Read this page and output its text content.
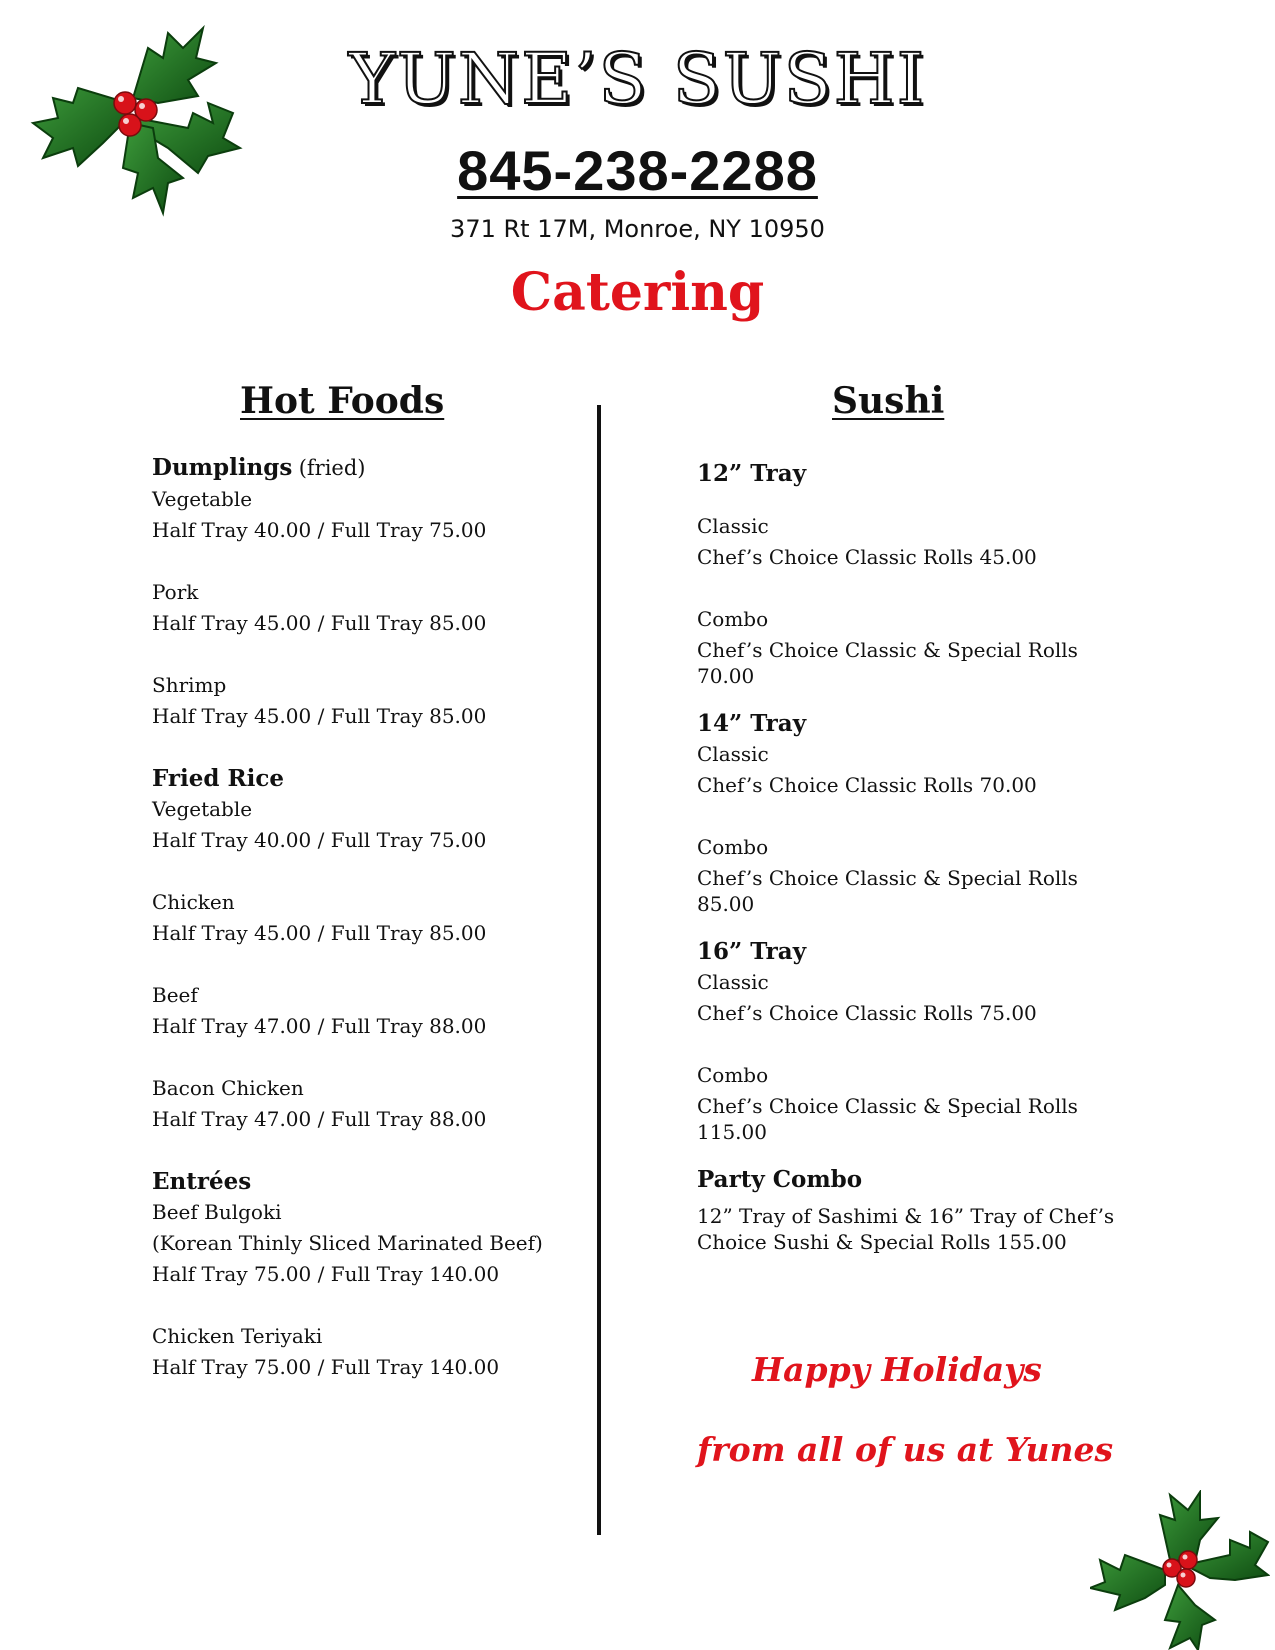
YUNE’S SUSHI
845-238-2288
371 Rt 17M, Monroe, NY 10950
Catering
Hot Foods	Sushi
Dumplings (fried)
Vegetable
Half Tray 40.00 / Full Tray 75.00
Pork
Half Tray 45.00 / Full Tray 85.00
Shrimp
Half Tray 45.00 / Full Tray 85.00
Fried Rice
Vegetable
Half Tray 40.00 / Full Tray 75.00
Chicken
Half Tray 45.00 / Full Tray 85.00
Beef
Half Tray 47.00 / Full Tray 88.00
Bacon Chicken
Half Tray 47.00 / Full Tray 88.00
Entrées
Beef Bulgoki
(Korean Thinly Sliced Marinated Beef)
Half Tray 75.00 / Full Tray 140.00
Chicken Teriyaki
Half Tray 75.00 / Full Tray 140.00
12” Tray
Classic
Chef’s Choice Classic Rolls 45.00
Combo
Chef’s Choice Classic & Special Rolls
70.00
14” Tray
Classic
Chef’s Choice Classic Rolls 70.00
Combo
Chef’s Choice Classic & Special Rolls
85.00
16” Tray
Classic
Chef’s Choice Classic Rolls 75.00
Combo
Chef’s Choice Classic & Special Rolls
115.00
Party Combo
12” Tray of Sashimi & 16” Tray of Chef’s
Choice Sushi & Special Rolls 155.00
Happy Holidays
from all of us at Yunes
